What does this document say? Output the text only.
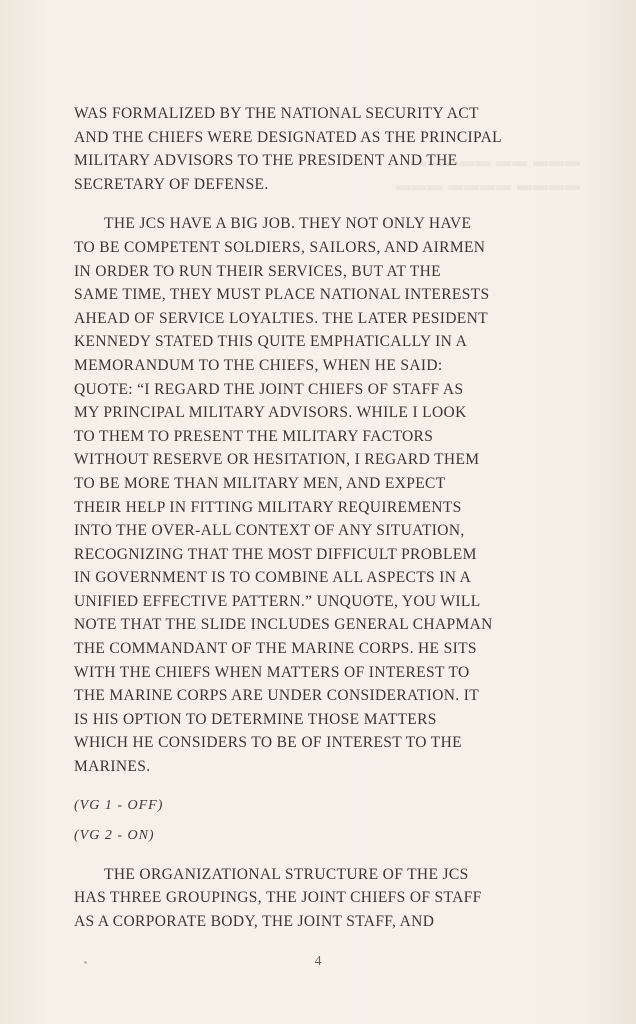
▬▬▬ ▬▬ ▬▬▬▬▬
▬▬▬▬ ▬▬▬▬ ▬▬▬

WAS FORMALIZED BY THE NATIONAL SECURITY ACT
AND THE CHIEFS WERE DESIGNATED AS THE PRINCIPAL
MILITARY ADVISORS TO THE PRESIDENT AND THE
SECRETARY OF DEFENSE.

THE JCS HAVE A BIG JOB. THEY NOT ONLY HAVE
TO BE COMPETENT SOLDIERS, SAILORS, AND AIRMEN
IN ORDER TO RUN THEIR SERVICES, BUT AT THE
SAME TIME, THEY MUST PLACE NATIONAL INTERESTS
AHEAD OF SERVICE LOYALTIES. THE LATER PESIDENT
KENNEDY STATED THIS QUITE EMPHATICALLY IN A
MEMORANDUM TO THE CHIEFS, WHEN HE SAID:
QUOTE: “I REGARD THE JOINT CHIEFS OF STAFF AS
MY PRINCIPAL MILITARY ADVISORS. WHILE I LOOK
TO THEM TO PRESENT THE MILITARY FACTORS
WITHOUT RESERVE OR HESITATION, I REGARD THEM
TO BE MORE THAN MILITARY MEN, AND EXPECT
THEIR HELP IN FITTING MILITARY REQUIREMENTS
INTO THE OVER-ALL CONTEXT OF ANY SITUATION,
RECOGNIZING THAT THE MOST DIFFICULT PROBLEM
IN GOVERNMENT IS TO COMBINE ALL ASPECTS IN A
UNIFIED EFFECTIVE PATTERN.” UNQUOTE, YOU WILL
NOTE THAT THE SLIDE INCLUDES GENERAL CHAPMAN
THE COMMANDANT OF THE MARINE CORPS. HE SITS
WITH THE CHIEFS WHEN MATTERS OF INTEREST TO
THE MARINE CORPS ARE UNDER CONSIDERATION. IT
IS HIS OPTION TO DETERMINE THOSE MATTERS
WHICH HE CONSIDERS TO BE OF INTEREST TO THE
MARINES.

(VG 1 - OFF)

(VG 2 - ON)

THE ORGANIZATIONAL STRUCTURE OF THE JCS
HAS THREE GROUPINGS, THE JOINT CHIEFS OF STAFF
AS A CORPORATE BODY, THE JOINT STAFF, AND

4
